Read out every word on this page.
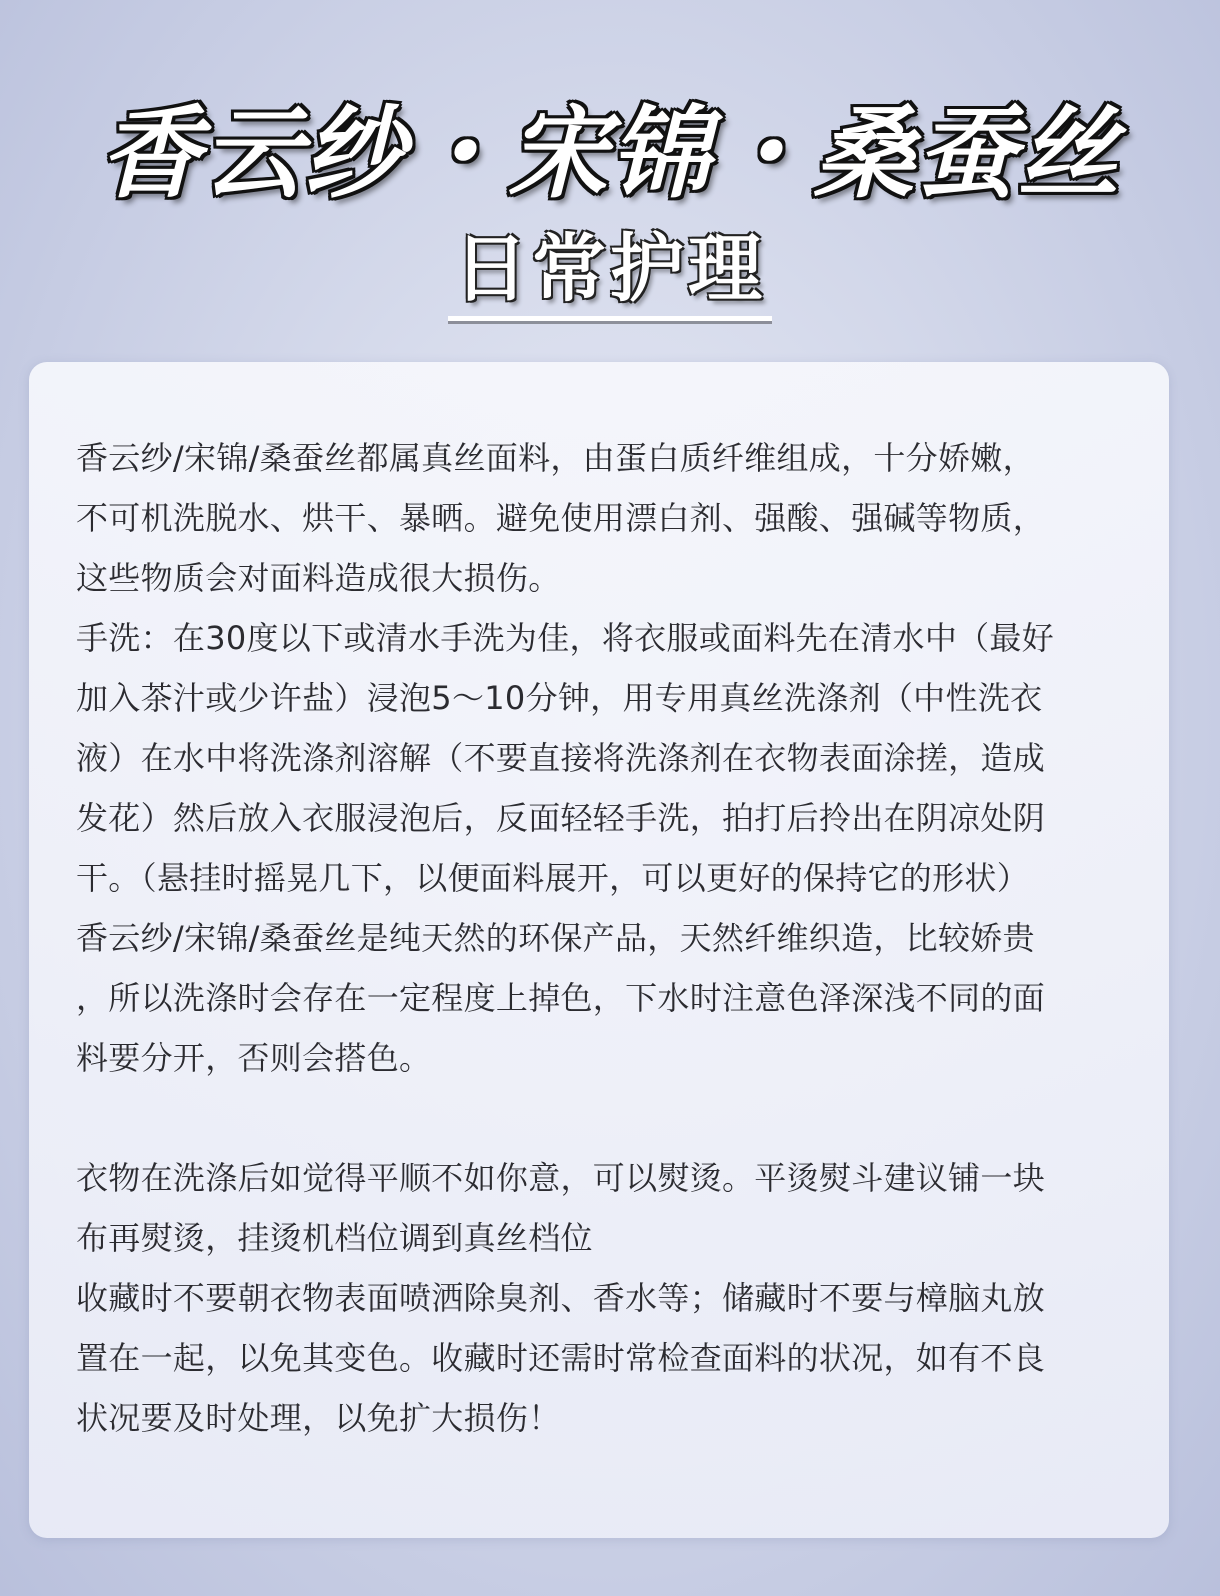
香云纱・宋锦・桑蚕丝
日常护理
香云纱/宋锦/桑蚕丝都属真丝面料，由蛋白质纤维组成，十分娇嫩，
不可机洗脱水、烘干、暴晒。避免使用漂白剂、强酸、强碱等物质，
这些物质会对面料造成很大损伤。
手洗：在30度以下或清水手洗为佳，将衣服或面料先在清水中（最好
加入茶汁或少许盐）浸泡5～10分钟，用专用真丝洗涤剂（中性洗衣
液）在水中将洗涤剂溶解（不要直接将洗涤剂在衣物表面涂搓，造成
发花）然后放入衣服浸泡后，反面轻轻手洗，拍打后拎出在阴凉处阴
干。（悬挂时摇晃几下，以便面料展开，可以更好的保持它的形状）
香云纱/宋锦/桑蚕丝是纯天然的环保产品，天然纤维织造，比较娇贵
，所以洗涤时会存在一定程度上掉色，下水时注意色泽深浅不同的面
料要分开，否则会搭色。
衣物在洗涤后如觉得平顺不如你意，可以熨烫。平烫熨斗建议铺一块
布再熨烫，挂烫机档位调到真丝档位
收藏时不要朝衣物表面喷洒除臭剂、香水等；储藏时不要与樟脑丸放
置在一起，以免其变色。收藏时还需时常检查面料的状况，如有不良
状况要及时处理，以免扩大损伤！
